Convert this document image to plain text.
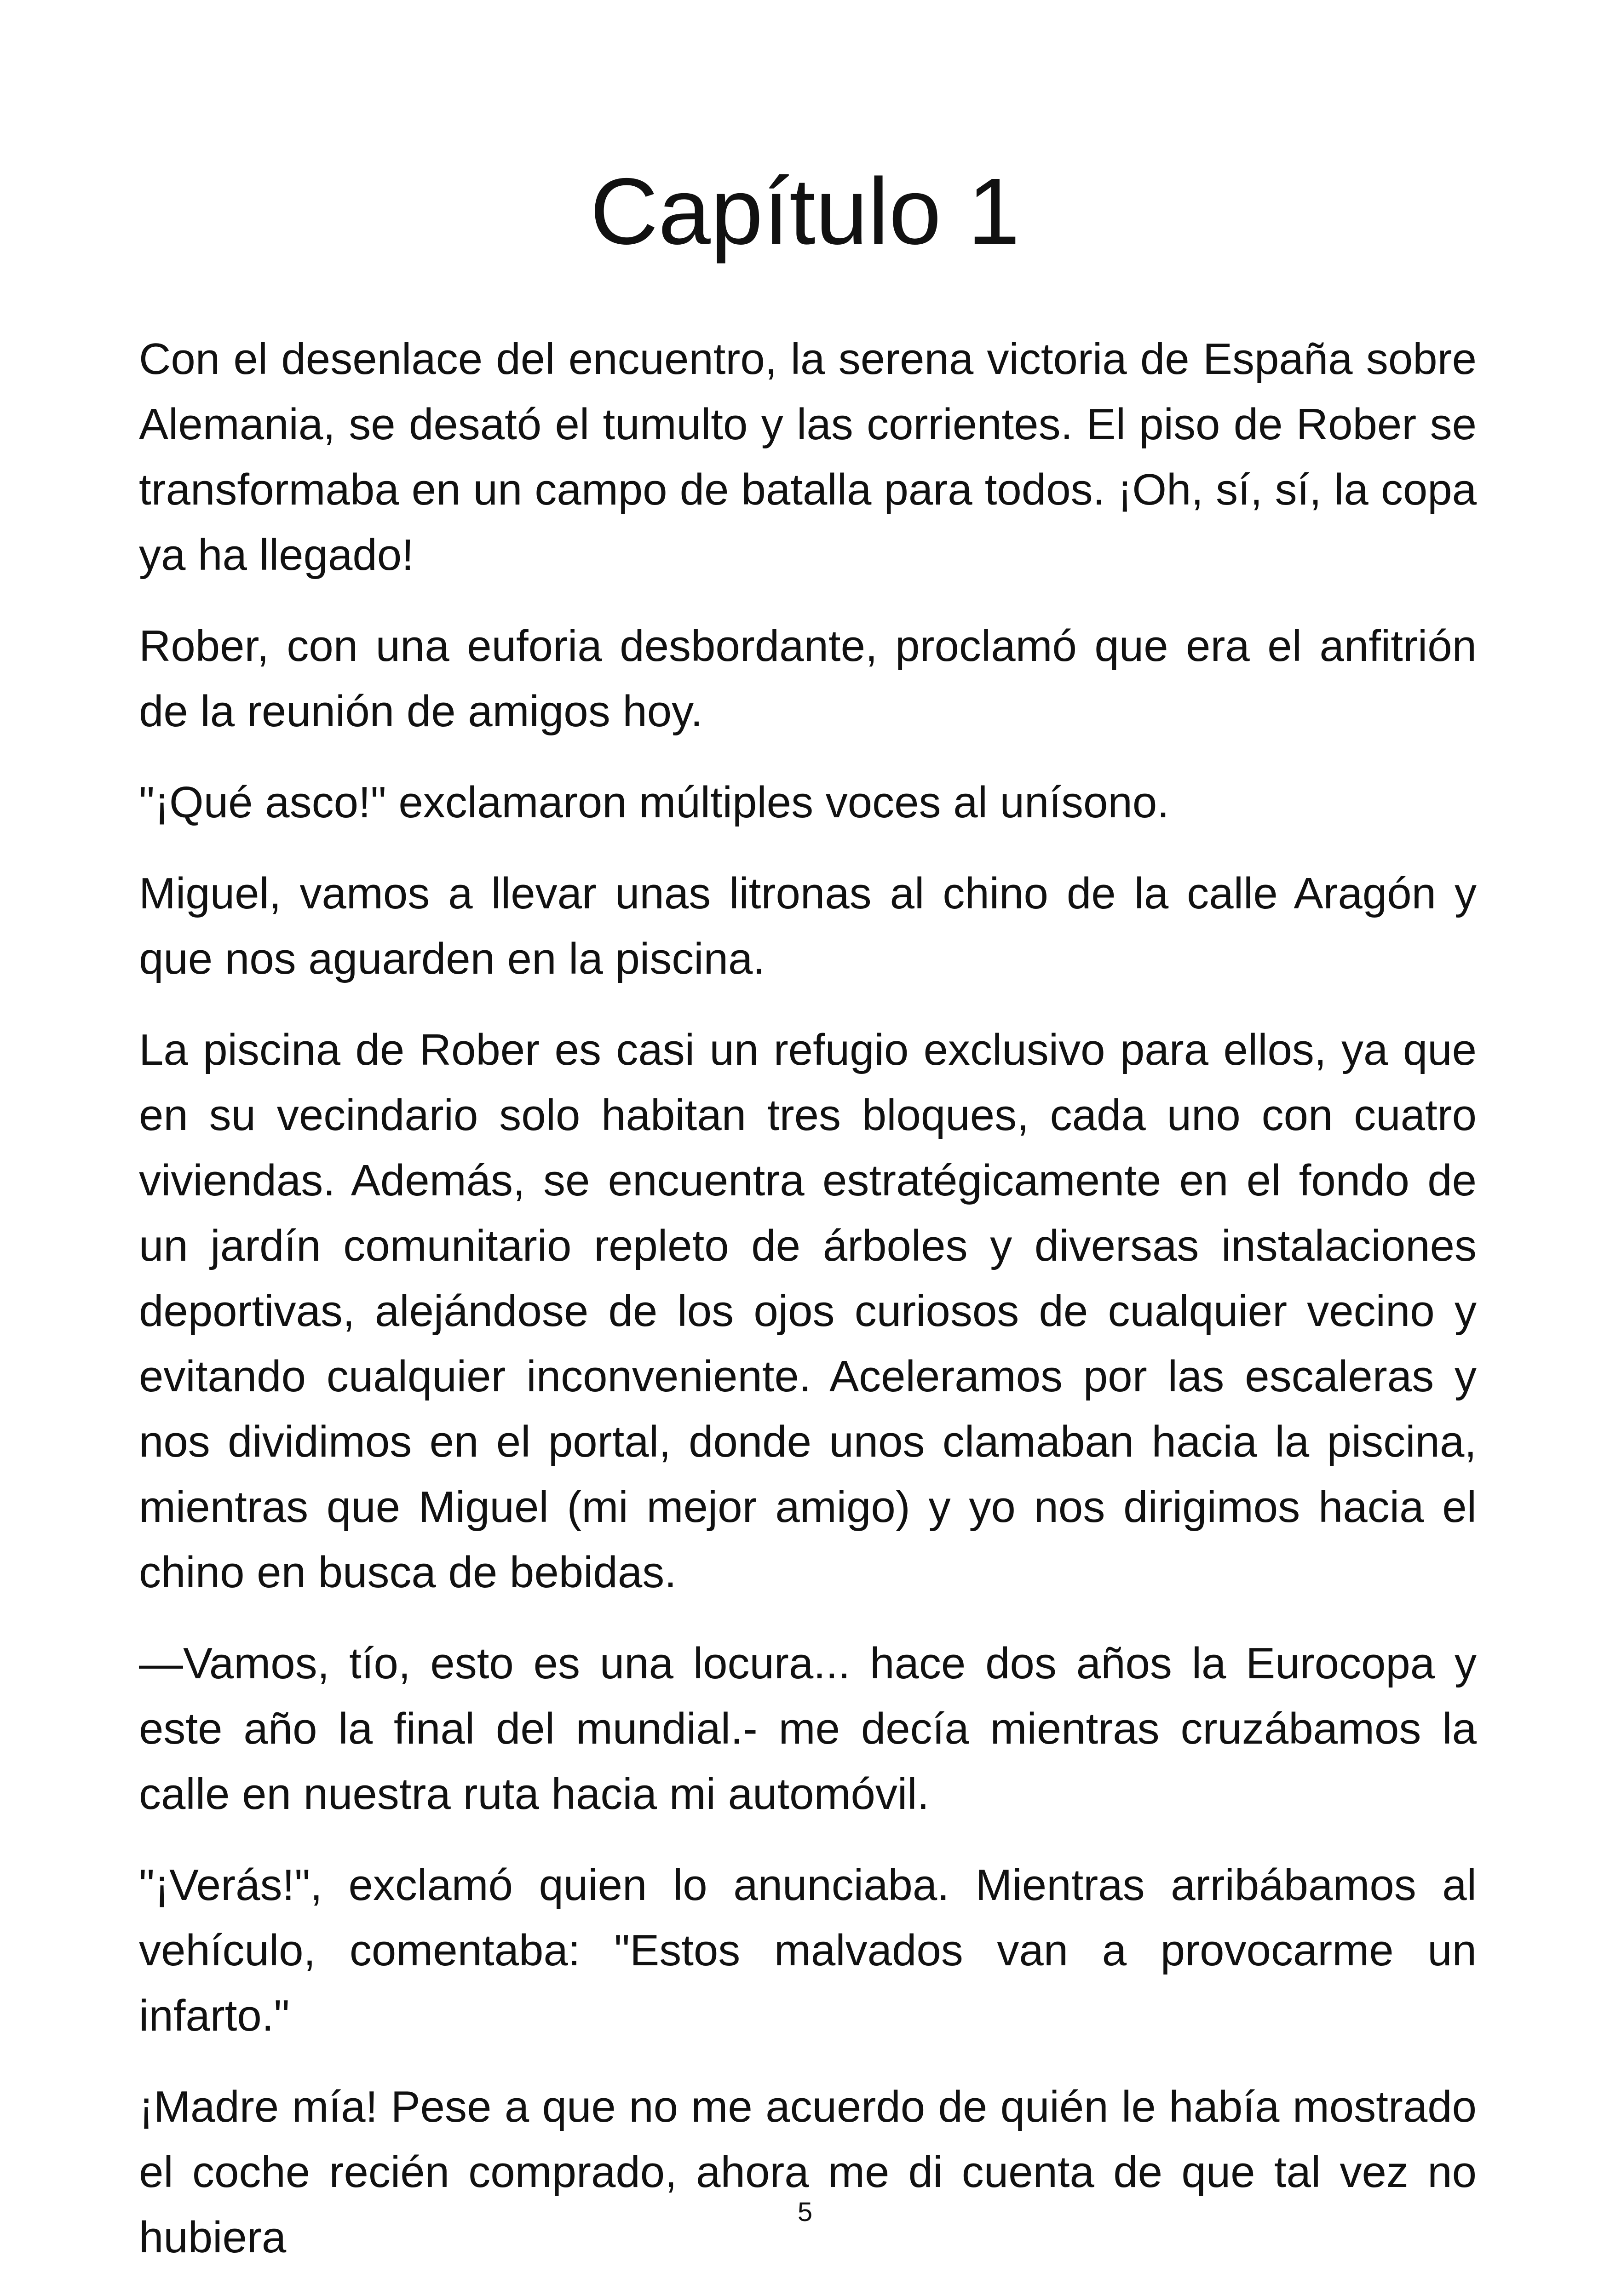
Capítulo 1

Con el desenlace del encuentro, la serena victoria de España sobre Alemania, se desató el tumulto y las corrientes. El piso de Rober se transformaba en un campo de batalla para todos. ¡Oh, sí, sí, la copa ya ha llegado!

Rober, con una euforia desbordante, proclamó que era el anfitrión de la reunión de amigos hoy.

"¡Qué asco!" exclamaron múltiples voces al unísono.

Miguel, vamos a llevar unas litronas al chino de la calle Aragón y que nos aguarden en la piscina.

La piscina de Rober es casi un refugio exclusivo para ellos, ya que en su vecindario solo habitan tres bloques, cada uno con cuatro viviendas. Además, se encuentra estratégicamente en el fondo de un jardín comunitario repleto de árboles y diversas instalaciones deportivas, alejándose de los ojos curiosos de cualquier vecino y evitando cualquier inconveniente. Aceleramos por las escaleras y nos dividimos en el portal, donde unos clamaban hacia la piscina, mientras que Miguel (mi mejor amigo) y yo nos dirigimos hacia el chino en busca de bebidas.

—Vamos, tío, esto es una locura... hace dos años la Eurocopa y este año la final del mundial.- me decía mientras cruzábamos la calle en nuestra ruta hacia mi automóvil.

"¡Verás!", exclamó quien lo anunciaba. Mientras arribábamos al vehículo, comentaba: "Estos malvados van a provocarme un infarto."

¡Madre mía! Pese a que no me acuerdo de quién le había mostrado el coche recién comprado, ahora me di cuenta de que tal vez no hubiera

5
